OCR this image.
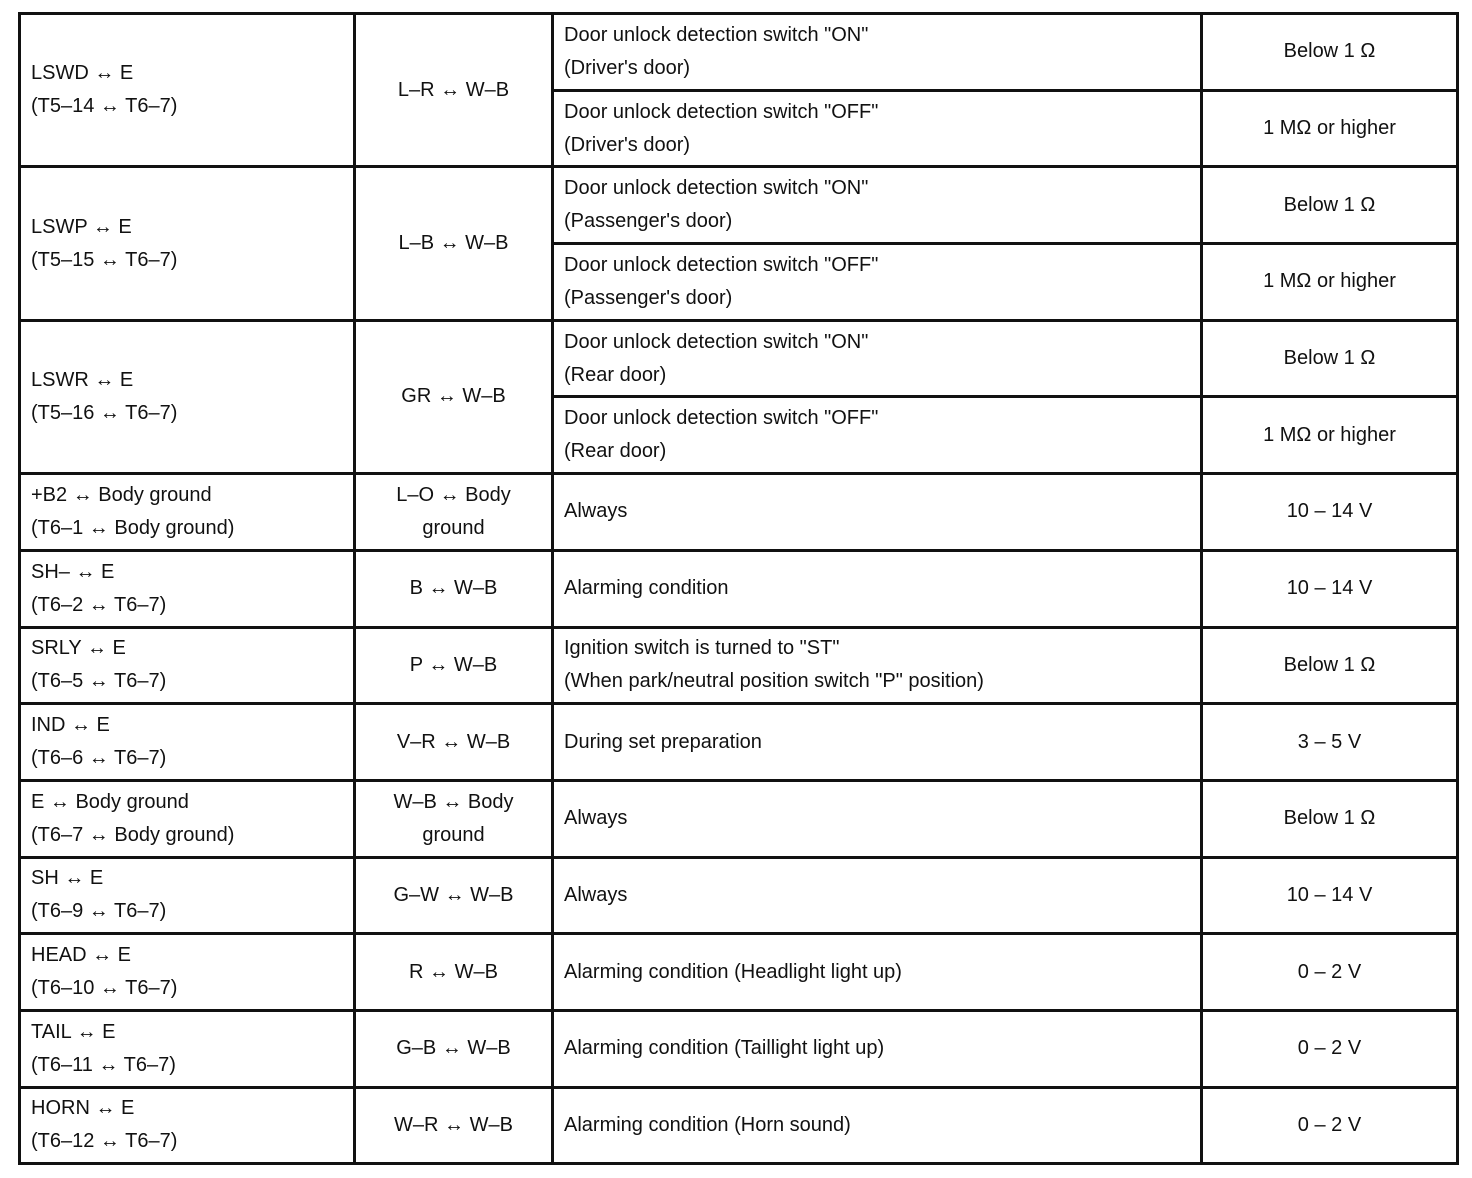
LSWD ↔ E
(T5–14 ↔ T6–7)	L–R ↔ W–B	Door unlock detection switch "ON"
(Driver's door)	Below 1 Ω

		Door unlock detection switch "OFF"
(Driver's door)	1 MΩ or higher

LSWP ↔ E
(T5–15 ↔ T6–7)	L–B ↔ W–B	Door unlock detection switch "ON"
(Passenger's door)	Below 1 Ω

		Door unlock detection switch "OFF"
(Passenger's door)	1 MΩ or higher

LSWR ↔ E
(T5–16 ↔ T6–7)	GR ↔ W–B	Door unlock detection switch "ON"
(Rear door)	Below 1 Ω

		Door unlock detection switch "OFF"
(Rear door)	1 MΩ or higher

+B2 ↔ Body ground
(T6–1 ↔ Body ground)	L–O ↔ Body
ground	Always	10 – 14 V

SH– ↔ E
(T6–2 ↔ T6–7)	B ↔ W–B	Alarming condition	10 – 14 V

SRLY ↔ E
(T6–5 ↔ T6–7)	P ↔ W–B	Ignition switch is turned to "ST"
(When park/neutral position switch "P" position)	Below 1 Ω

IND ↔ E
(T6–6 ↔ T6–7)	V–R ↔ W–B	During set preparation	3 – 5 V

E ↔ Body ground
(T6–7 ↔ Body ground)	W–B ↔ Body
ground	Always	Below 1 Ω

SH ↔ E
(T6–9 ↔ T6–7)	G–W ↔ W–B	Always	10 – 14 V

HEAD ↔ E
(T6–10 ↔ T6–7)	R ↔ W–B	Alarming condition (Headlight light up)	0 – 2 V

TAIL ↔ E
(T6–11 ↔ T6–7)	G–B ↔ W–B	Alarming condition (Taillight light up)	0 – 2 V

HORN ↔ E
(T6–12 ↔ T6–7)	W–R ↔ W–B	Alarming condition (Horn sound)	0 – 2 V
